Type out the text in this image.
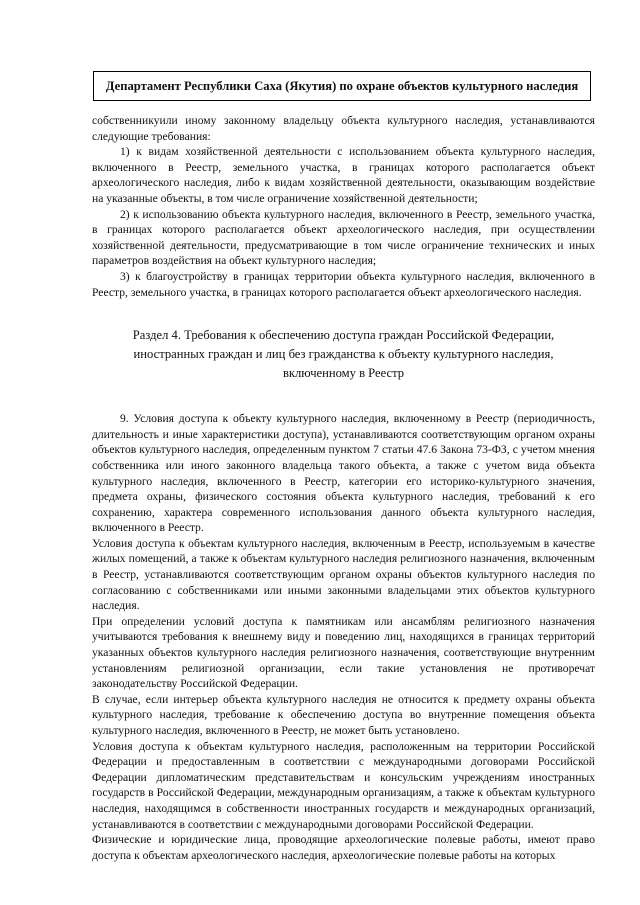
Департамент Республики Саха (Якутия) по охране объектов культурного наследия

собственникуили иному законному владельцу объекта культурного наследия, устанавливаются следующие требования:

1) к видам хозяйственной деятельности с использованием объекта культурного наследия, включенного в Реестр, земельного участка, в границах которого располагается объект археологического наследия, либо к видам хозяйственной деятельности, оказывающим воздействие на указанные объекты, в том числе ограничение хозяйственной деятельности;

2) к использованию объекта культурного наследия, включенного в Реестр, земельного участка, в границах которого располагается объект археологического наследия, при осуществлении хозяйственной деятельности, предусматривающие в том числе ограничение технических и иных параметров воздействия на объект культурного наследия;

3) к благоустройству в границах территории объекта культурного наследия, включенного в Реестр, земельного участка, в границах которого располагается объект археологического наследия.

Раздел 4. Требования к обеспечению доступа граждан Российской Федерации,
иностранных граждан и лиц без гражданства к объекту культурного наследия,
включенному в Реестр

9. Условия доступа к объекту культурного наследия, включенному в Реестр (периодичность, длительность и иные характеристики доступа), устанавливаются соответствующим органом охраны объектов культурного наследия, определенным пунктом 7 статьи 47.6 Закона 73-ФЗ, с учетом мнения собственника или иного законного владельца такого объекта, а также с учетом вида объекта культурного наследия, включенного в Реестр, категории его историко-культурного значения, предмета охраны, физического состояния объекта культурного наследия, требований к его сохранению, характера современного использования данного объекта культурного наследия, включенного в Реестр.

Условия доступа к объектам культурного наследия, включенным в Реестр, используемым в качестве жилых помещений, а также к объектам культурного наследия религиозного назначения, включенным в Реестр, устанавливаются соответствующим органом охраны объектов культурного наследия по согласованию с собственниками или иными законными владельцами этих объектов культурного наследия.

При определении условий доступа к памятникам или ансамблям религиозного назначения учитываются требования к внешнему виду и поведению лиц, находящихся в границах территорий указанных объектов культурного наследия религиозного назначения, соответствующие внутренним установлениям религиозной организации, если такие установления не противоречат законодательству Российской Федерации.

В случае, если интерьер объекта культурного наследия не относится к предмету охраны объекта культурного наследия, требование к обеспечению доступа во внутренние помещения объекта культурного наследия, включенного в Реестр, не может быть установлено.

Условия доступа к объектам культурного наследия, расположенным на территории Российской Федерации и предоставленным в соответствии с международными договорами Российской Федерации дипломатическим представительствам и консульским учреждениям иностранных государств в Российской Федерации, международным организациям, а также к объектам культурного наследия, находящимся в собственности иностранных государств и международных организаций, устанавливаются в соответствии с международными договорами Российской Федерации.

Физические и юридические лица, проводящие археологические полевые работы, имеют право доступа к объектам археологического наследия, археологические полевые работы на которых
